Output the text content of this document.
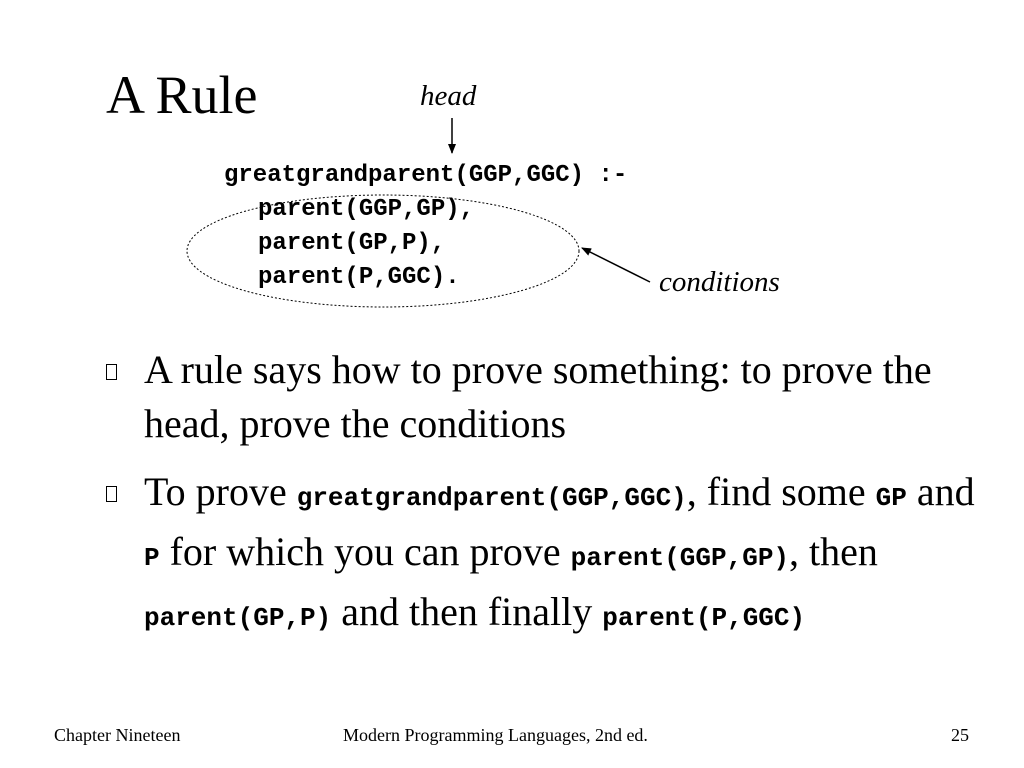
A Rule	head
greatgrandparent(GGP,GGC) :-
parent(GGP,GP),
parent(GP,P),
parent(P,GGC).	conditions
A rule says how to prove something: to prove the head, prove the conditions
To prove greatgrandparent(GGP,GGC), find some GP and P for which you can prove parent(GGP,GP), then parent(GP,P) and then finally parent(P,GGC)
Chapter Nineteen	Modern Programming Languages, 2nd ed.	25
